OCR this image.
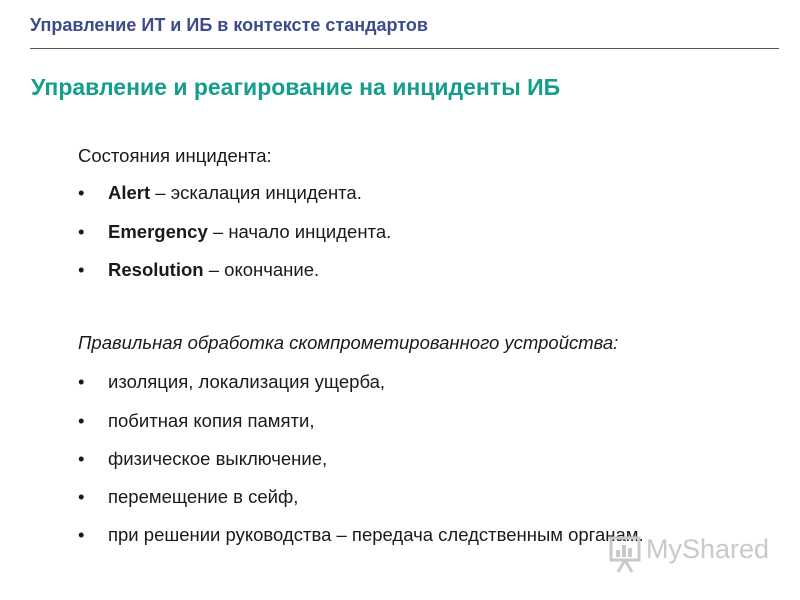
Управление ИТ и ИБ в контексте стандартов
Управление и реагирование на инциденты ИБ
Состояния инцидента:
• Alert – эскалация инцидента.
• Emergency – начало инцидента.
• Resolution – окончание.
Правильная обработка скомпрометированного устройства:
• изоляция, локализация ущерба,
• побитная копия памяти,
• физическое выключение,
• перемещение в сейф,
• при решении руководства – передача следственным органам. MyShared
